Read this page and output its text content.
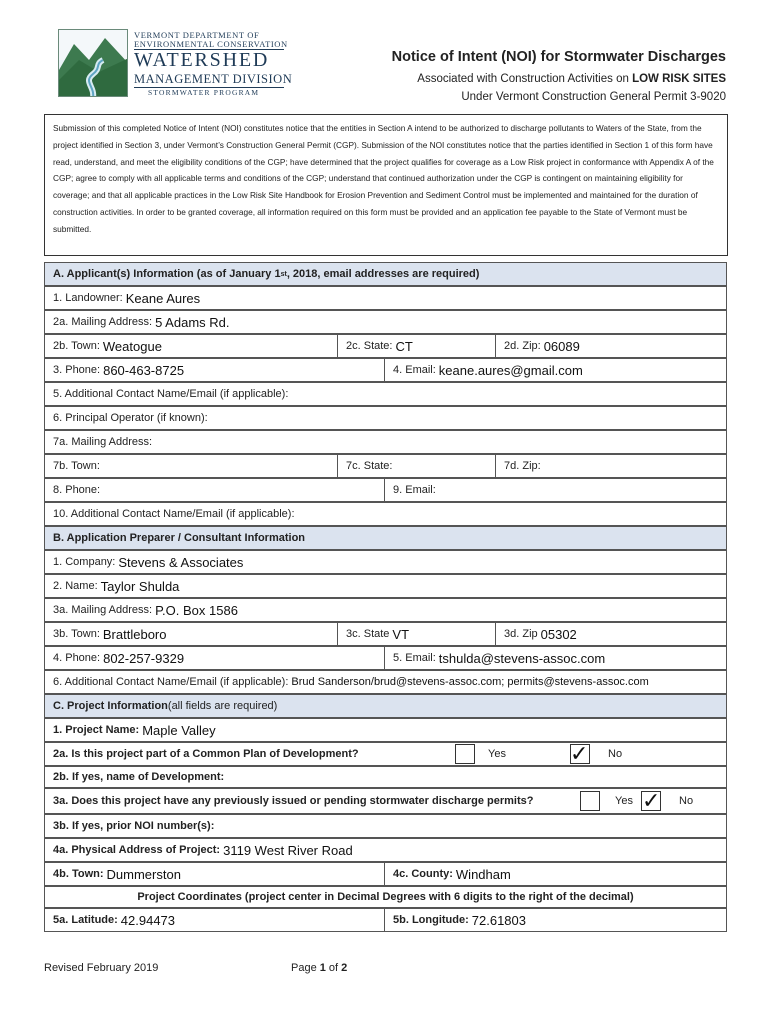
VERMONT DEPARTMENT OF
ENVIRONMENTAL CONSERVATION
WATERSHED
MANAGEMENT DIVISION
STORMWATER PROGRAM
Notice of Intent (NOI) for Stormwater Discharges
Associated with Construction Activities on LOW RISK SITES
Under Vermont Construction General Permit 3-9020
Submission of this completed Notice of Intent (NOI) constitutes notice that the entities in Section A intend to be authorized to discharge pollutants to Waters of the State, from the project identified in Section 3, under Vermont’s Construction General Permit (CGP). Submission of the NOI constitutes notice that the parties identified in Section 1 of this form have read, understand, and meet the eligibility conditions of the CGP; have determined that the project qualifies for coverage as a Low Risk project in conformance with Appendix A of the CGP; agree to comply with all applicable terms and conditions of the CGP; understand that continued authorization under the CGP is contingent on maintaining eligibility for coverage; and that all applicable practices in the Low Risk Site Handbook for Erosion Prevention and Sediment Control must be implemented and maintained for the duration of construction activities. In order to be granted coverage, all information required on this form must be provided and an application fee payable to the State of Vermont must be submitted.
A. Applicant(s) Information (as of January 1 st , 2018, email addresses are required)
1. Landowner: Keane Aures
2a. Mailing Address: 5 Adams Rd.
2b. Town: Weatogue	2c. State: CT	2d. Zip: 06089
3. Phone: 860-463-8725	4. Email: keane.aures@gmail.com
5. Additional Contact Name/Email (if applicable):
6. Principal Operator (if known):
7a. Mailing Address:
7b. Town:	7c. State:	7d. Zip:
8. Phone:	9. Email:
10. Additional Contact Name/Email (if applicable):
B. Application Preparer / Consultant Information
1. Company: Stevens & Associates
2. Name: Taylor Shulda
3a. Mailing Address: P.O. Box 1586
3b. Town: Brattleboro	3c. State VT	3d. Zip 05302
4. Phone: 802-257-9329	5. Email: tshulda@stevens-assoc.com
6. Additional Contact Name/Email (if applicable): Brud Sanderson/brud@stevens-assoc.com; permits@stevens-assoc.com
C. Project Information (all fields are required)
1. Project Name: Maple Valley
2a. Is this project part of a Common Plan of Development?	Yes	✓ No
2b. If yes, name of Development:
3a. Does this project have any previously issued or pending stormwater discharge permits?	Yes ✓ No
3b. If yes, prior NOI number(s):
4a. Physical Address of Project: 3119 West River Road
4b. Town: Dummerston	4c. County: Windham
Project Coordinates (project center in Decimal Degrees with 6 digits to the right of the decimal)
5a. Latitude: 42.94473	5b. Longitude: 72.61803
Revised February 2019	Page 1 of 2
